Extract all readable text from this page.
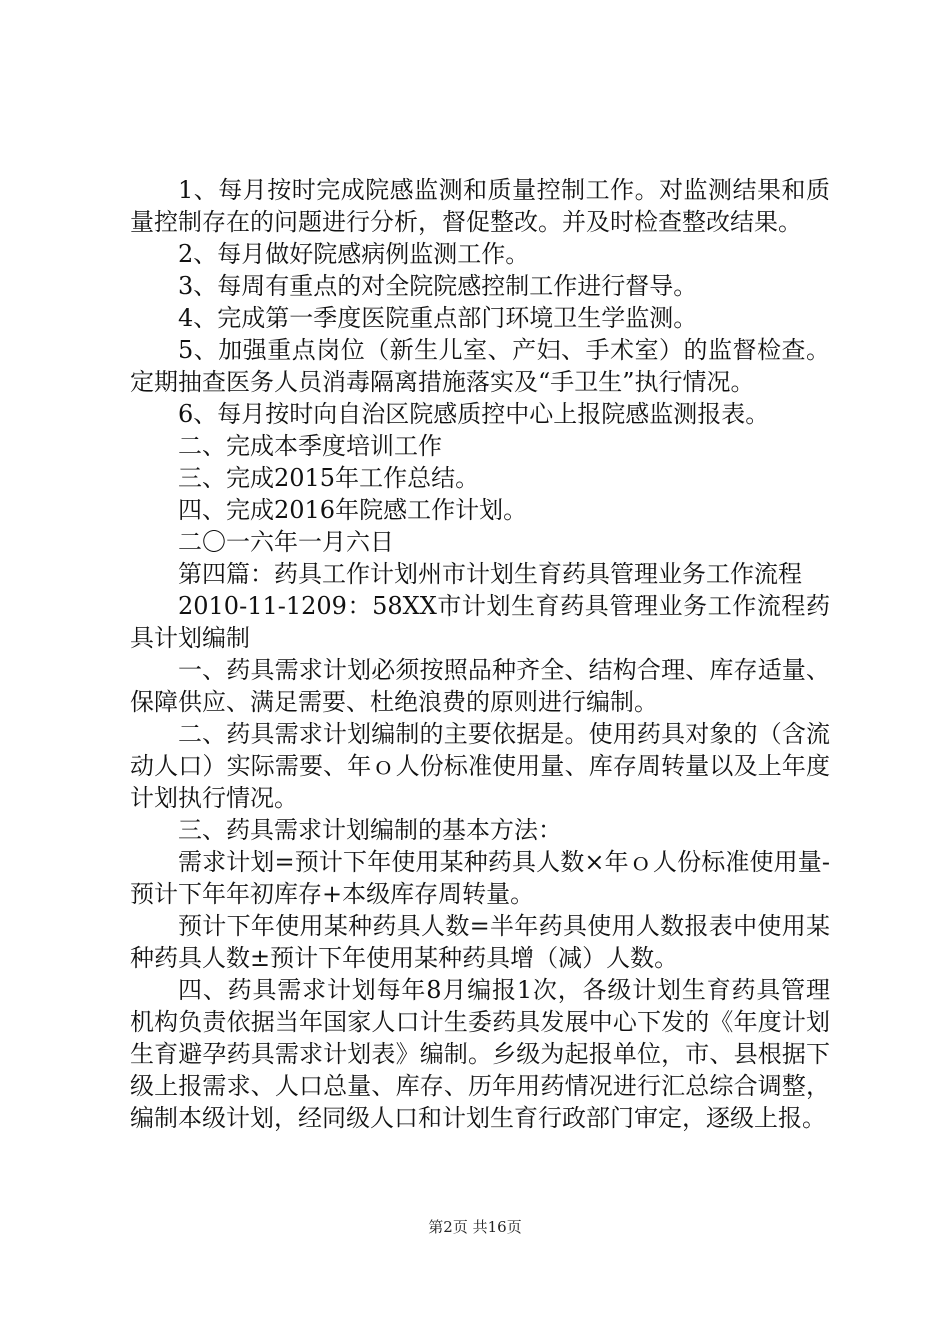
1、每月按时完成院感监测和质量控制工作。对监测结果和质量控制存在的问题进行分析，督促整改。并及时检查整改结果。

2、每月做好院感病例监测工作。

3、每周有重点的对全院院感控制工作进行督导。

4、完成第一季度医院重点部门环境卫生学监测。

5、加强重点岗位（新生儿室、产妇、手术室）的监督检查。定期抽查医务人员消毒隔离措施落实及“手卫生”执行情况。

6、每月按时向自治区院感质控中心上报院感监测报表。

二、完成本季度培训工作

三、完成2015年工作总结。

四、完成2016年院感工作计划。

二〇一六年一月六日

第四篇：药具工作计划州市计划生育药具管理业务工作流程

2010-11-1209：58XX市计划生育药具管理业务工作流程药具计划编制

一、药具需求计划必须按照品种齐全、结构合理、库存适量、保障供应、满足需要、杜绝浪费的原则进行编制。

二、药具需求计划编制的主要依据是。使用药具对象的（含流动人口）实际需要、年ｏ人份标准使用量、库存周转量以及上年度计划执行情况。

三、药具需求计划编制的基本方法：

需求计划=预计下年使用某种药具人数×年ｏ人份标准使用量-预计下年年初库存+本级库存周转量。

预计下年使用某种药具人数=半年药具使用人数报表中使用某种药具人数±预计下年使用某种药具增（减）人数。

四、药具需求计划每年8月编报1次，各级计划生育药具管理机构负责依据当年国家人口计生委药具发展中心下发的《年度计划生育避孕药具需求计划表》编制。乡级为起报单位，市、县根据下级上报需求、人口总量、库存、历年用药情况进行汇总综合调整，编制本级计划，经同级人口和计划生育行政部门审定，逐级上报。

第2页 共16页
